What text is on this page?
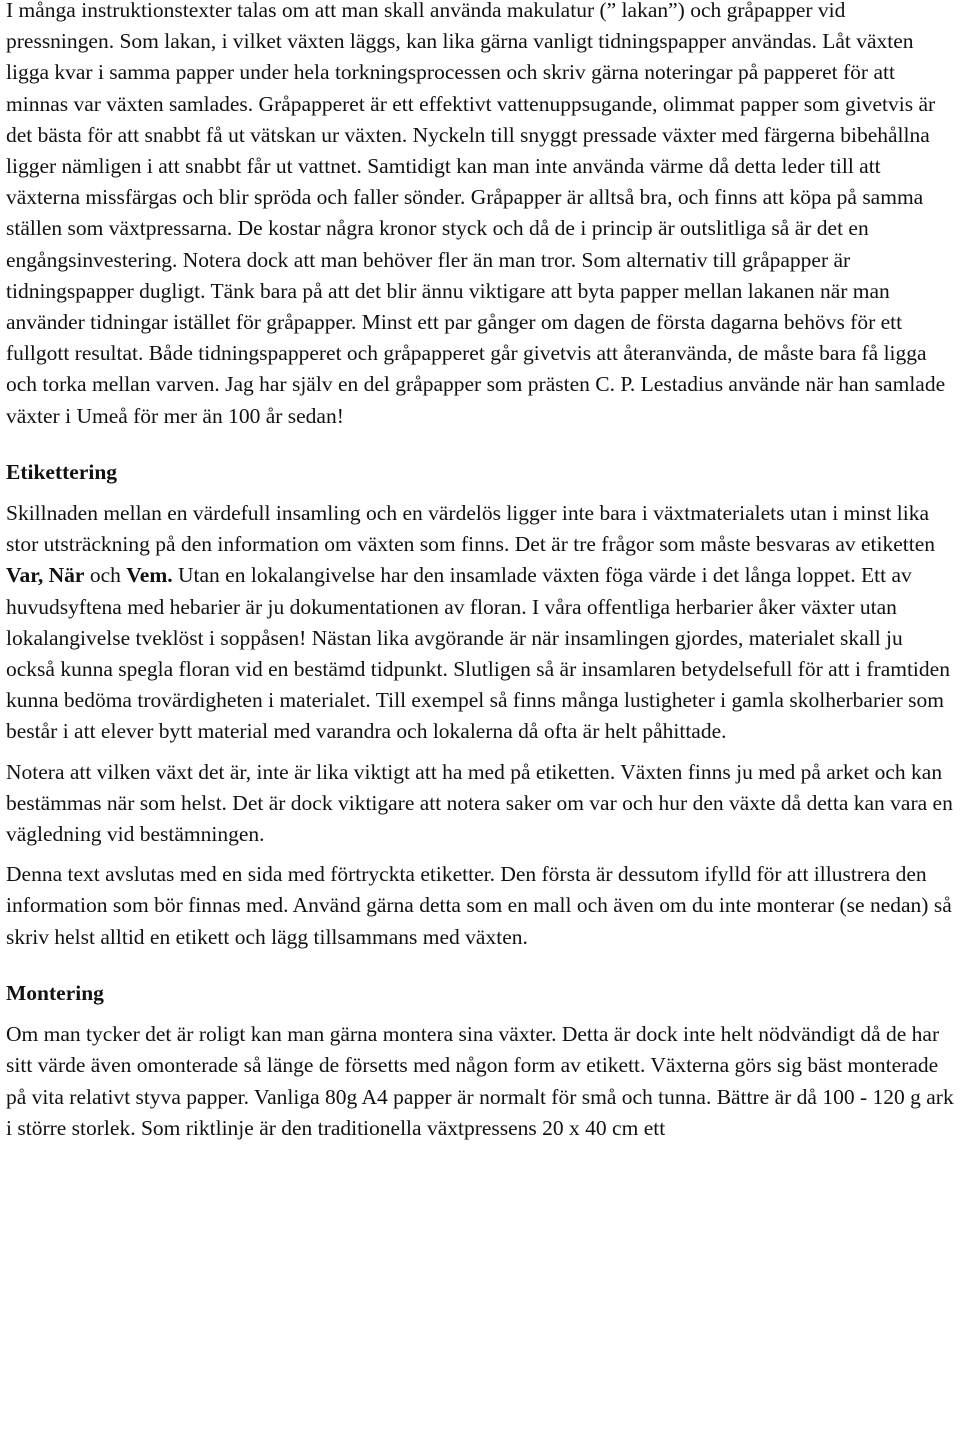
I många instruktionstexter talas om att man skall använda makulatur (” lakan”) och gråpapper vid pressningen. Som lakan, i vilket växten läggs, kan lika gärna vanligt tidningspapper användas. Låt växten ligga kvar i samma papper under hela torkningsprocessen och skriv gärna noteringar på papperet för att minnas var växten samlades. Gråpapperet är ett effektivt vattenuppsugande, olimmat papper som givetvis är det bästa för att snabbt få ut vätskan ur växten. Nyckeln till snyggt pressade växter med färgerna bibehållna ligger nämligen i att snabbt får ut vattnet. Samtidigt kan man inte använda värme då detta leder till att växterna missfärgas och blir spröda och faller sönder. Gråpapper är alltså bra, och finns att köpa på samma ställen som växtpressarna. De kostar några kronor styck och då de i princip är outslitliga så är det en engångsinvestering. Notera dock att man behöver fler än man tror. Som alternativ till gråpapper är tidningspapper dugligt. Tänk bara på att det blir ännu viktigare att byta papper mellan lakanen när man använder tidningar istället för gråpapper. Minst ett par gånger om dagen de första dagarna behövs för ett fullgott resultat. Både tidningspapperet och gråpapperet går givetvis att återanvända, de måste bara få ligga och torka mellan varven. Jag har själv en del gråpapper som prästen C. P. Lestadius använde när han samlade växter i Umeå för mer än 100 år sedan!

Etikettering

Skillnaden mellan en värdefull insamling och en värdelös ligger inte bara i växtmaterialets utan i minst lika stor utsträckning på den information om växten som finns. Det är tre frågor som måste besvaras av etiketten Var, När och Vem. Utan en lokalangivelse har den insamlade växten föga värde i det långa loppet. Ett av huvudsyftena med hebarier är ju dokumentationen av floran. I våra offentliga herbarier åker växter utan lokalangivelse tveklöst i soppåsen! Nästan lika avgörande är när insamlingen gjordes, materialet skall ju också kunna spegla floran vid en bestämd tidpunkt. Slutligen så är insamlaren betydelsefull för att i framtiden kunna bedöma trovärdigheten i materialet. Till exempel så finns många lustigheter i gamla skolherbarier som består i att elever bytt material med varandra och lokalerna då ofta är helt påhittade.

Notera att vilken växt det är, inte är lika viktigt att ha med på etiketten. Växten finns ju med på arket och kan bestämmas när som helst. Det är dock viktigare att notera saker om var och hur den växte då detta kan vara en vägledning vid bestämningen.

Denna text avslutas med en sida med förtryckta etiketter. Den första är dessutom ifylld för att illustrera den information som bör finnas med. Använd gärna detta som en mall och även om du inte monterar (se nedan) så skriv helst alltid en etikett och lägg tillsammans med växten.

Montering

Om man tycker det är roligt kan man gärna montera sina växter. Detta är dock inte helt nödvändigt då de har sitt värde även omonterade så länge de försetts med någon form av etikett. Växterna görs sig bäst monterade på vita relativt styva papper. Vanliga 80g A4 papper är normalt för små och tunna. Bättre är då 100 - 120 g ark i större storlek. Som riktlinje är den traditionella växtpressens 20 x 40 cm ett
